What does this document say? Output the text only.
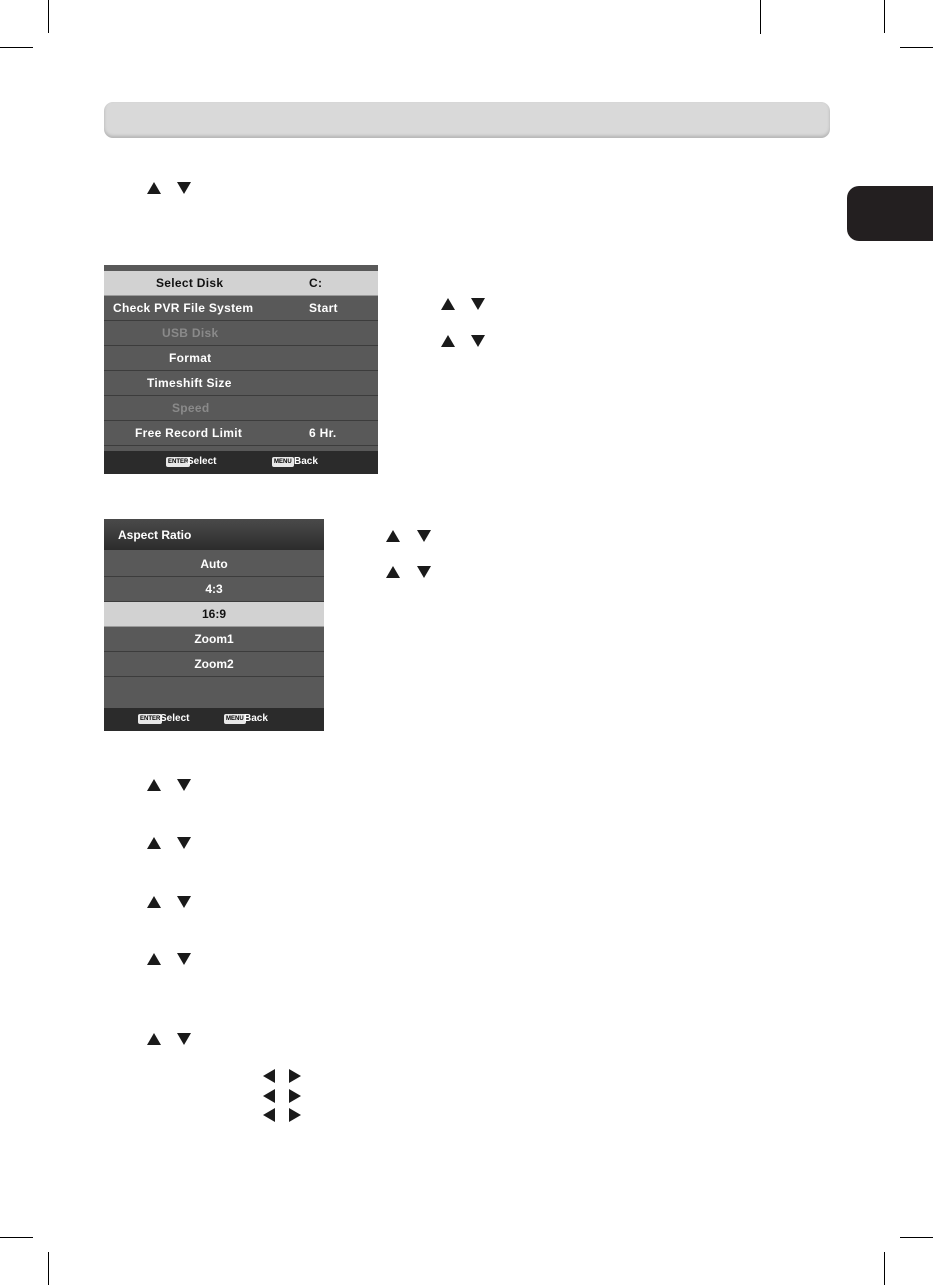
Select Disk	C:
Check PVR File System	Start
USB Disk
Format
Timeshift Size
Speed
Free Record Limit	6 Hr.
ENTER
Select	MENU Back
Aspect Ratio
Auto
4:3
16:9
Zoom1
Zoom2
ENTER Select	MENU Back
